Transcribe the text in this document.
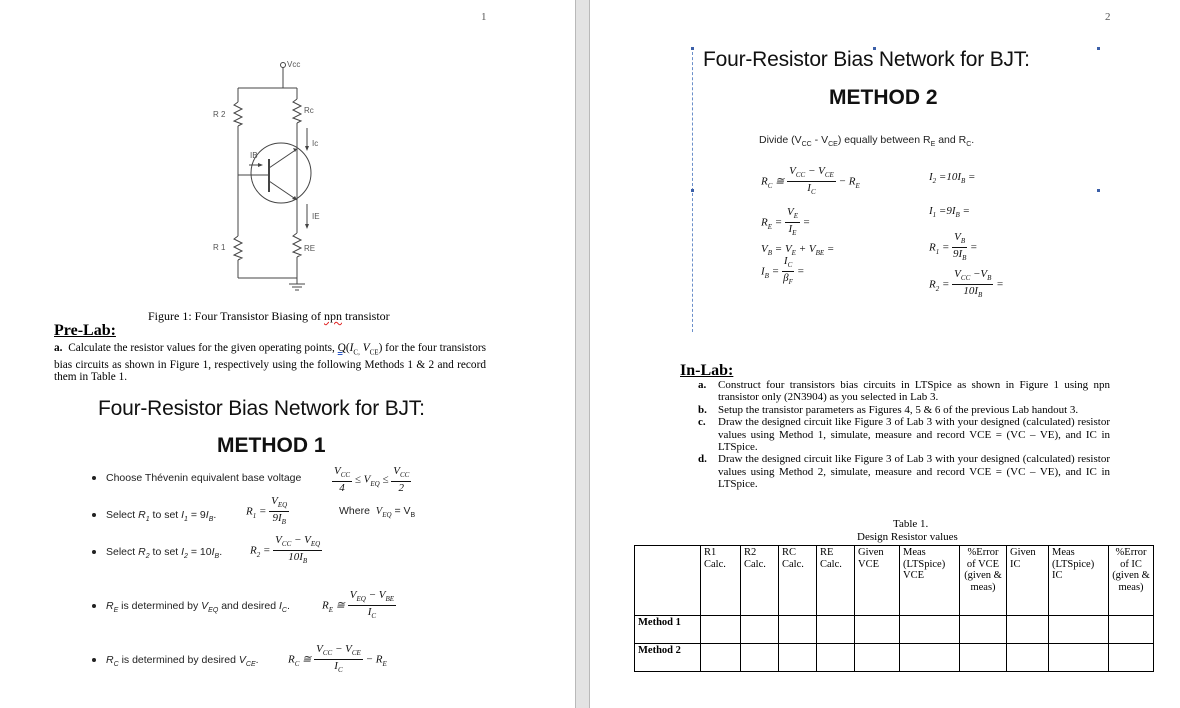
1
Vcc
R 2	Rc
Ic
IB
IE
R 1	RE
Figure 1: Four Transistor Biasing of npn transistor
Pre-Lab:
a. Calculate the resistor values for the given operating points, $Q(I_{C,}$ $V_{CE}$) for the four transistors bias circuits as shown in Figure 1, respectively using the following Methods 1 & 2 and record them in Table 1.
Four-Resistor Bias Network for BJT:
METHOD 1
Choose Thévenin equivalent base voltage	$\frac{V_{CC}}{4} \le V_{EQ} \le \frac{V_{CC}}{2}$
Select $R_1$ to set $I_1 = 9I_B$.	$R_1 = \frac{V_{EQ}}{9I_B}$	Where $V_{EQ} = V_B$
Select $R_2$ to set $I_2 = 10I_B$.	$R_2 = \frac{V_{CC} - V_{EQ}}{10I_B}$
$R_E$ is determined by $V_{EQ}$ and desired $I_C$.	$R_E$ ≅ $\frac{V_{EQ} - V_{BE}}{I_C}$
$R_C$ is determined by desired $V_{CE}$.	$R_C$ ≅ $\frac{V_{CC} - V_{CE}}{I_C} - R_E$
2
Four-Resistor Bias Network for BJT:
METHOD 2
Divide $(V_{CC} - V_{CE})$ equally between $R_E$ and $R_C$.
$R_C$ ≅ $\frac{V_{CC} - V_{CE}}{I_C} - R_E$
$R_E = \frac{V_E}{I_E}$ =
$V_B = V_E + V_{BE}$ =
$I_B = \frac{I_C}{\beta_F}$ =
$I_2 =10I_B$ =
$I_1 =9I_B$ =
$R_1 = \frac{V_B}{9I_B}$ =
$R_2 = \frac{V_{CC} -V_B}{10I_B}$ =
In-Lab:
a. Construct four transistors bias circuits in LTSpice as shown in Figure 1 using npn transistor only (2N3904) as you selected in Lab 3.
b. Setup the transistor parameters as Figures 4, 5 & 6 of the previous Lab handout 3.
c. Draw the designed circuit like Figure 3 of Lab 3 with your designed (calculated) resistor values using Method 1, simulate, measure and record VCE = (VC – VE), and IC in LTSpice.
d. Draw the designed circuit like Figure 3 of Lab 3 with your designed (calculated) resistor values using Method 2, simulate, measure and record VCE = (VC – VE), and IC in LTSpice.
Table 1.
Design Resistor values
	R1 Calc.	R2 Calc.	RC Calc.	RE Calc.	Given VCE	Meas (LTSpice) VCE	%Error of VCE (given & meas)	Given IC	Meas (LTSpice) IC	%Error of IC (given & meas)
Method 1										
Method 2										
